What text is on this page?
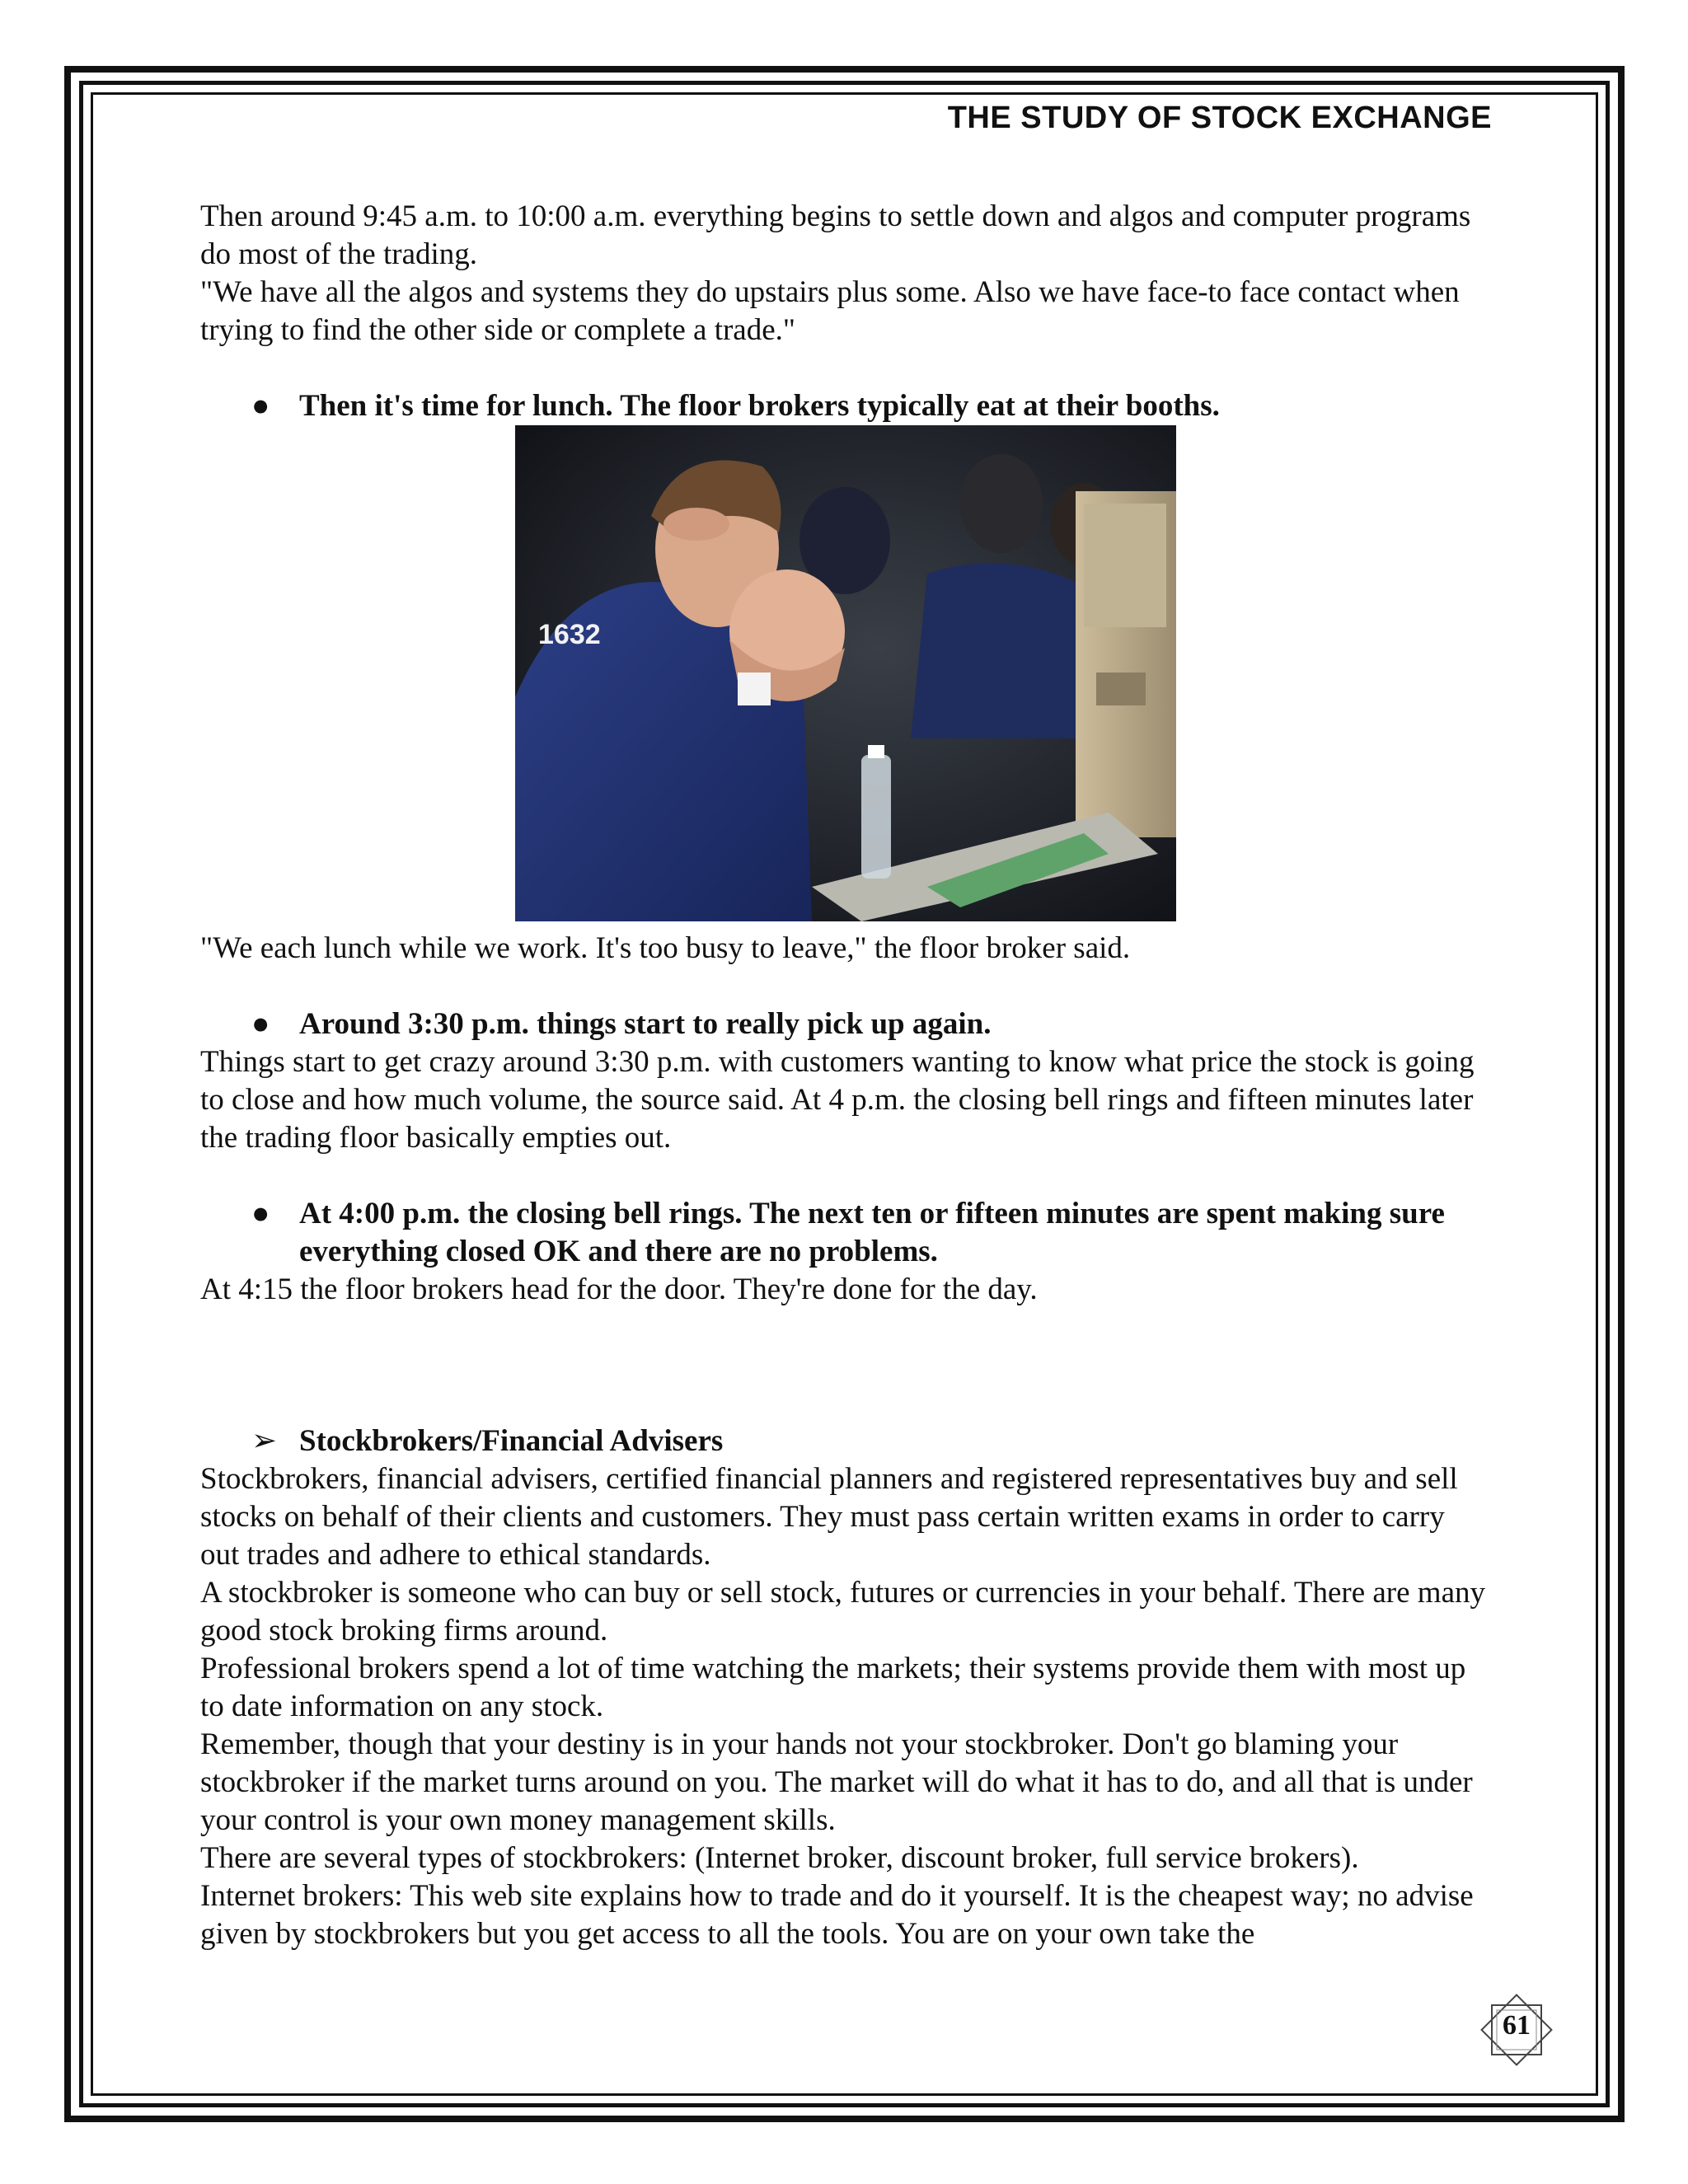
THE STUDY OF STOCK EXCHANGE

Then around 9:45 a.m. to 10:00 a.m. everything begins to settle down and algos and computer programs do most of the trading.

"We have all the algos and systems they do upstairs plus some. Also we have face-to face contact when trying to find the other side or complete a trade."

● Then it's time for lunch. The floor brokers typically eat at their booths.

1632

"We each lunch while we work. It's too busy to leave," the floor broker said.

● Around 3:30 p.m. things start to really pick up again.

Things start to get crazy around 3:30 p.m. with customers wanting to know what price the stock is going to close and how much volume, the source said. At 4 p.m. the closing bell rings and fifteen minutes later the trading floor basically empties out.

● At 4:00 p.m. the closing bell rings. The next ten or fifteen minutes are spent making sure everything closed OK and there are no problems.

At 4:15 the floor brokers head for the door. They're done for the day.

➢ Stockbrokers/Financial Advisers

Stockbrokers, financial advisers, certified financial planners and registered representatives buy and sell stocks on behalf of their clients and customers. They must pass certain written exams in order to carry out trades and adhere to ethical standards.

A stockbroker is someone who can buy or sell stock, futures or currencies in your behalf. There are many good stock broking firms around.

Professional brokers spend a lot of time watching the markets; their systems provide them with most up to date information on any stock.

Remember, though that your destiny is in your hands not your stockbroker. Don't go blaming your stockbroker if the market turns around on you. The market will do what it has to do, and all that is under your control is your own money management skills.

There are several types of stockbrokers: (Internet broker, discount broker, full service brokers).

Internet brokers: This web site explains how to trade and do it yourself. It is the cheapest way; no advise given by stockbrokers but you get access to all the tools. You are on your own take the

61
